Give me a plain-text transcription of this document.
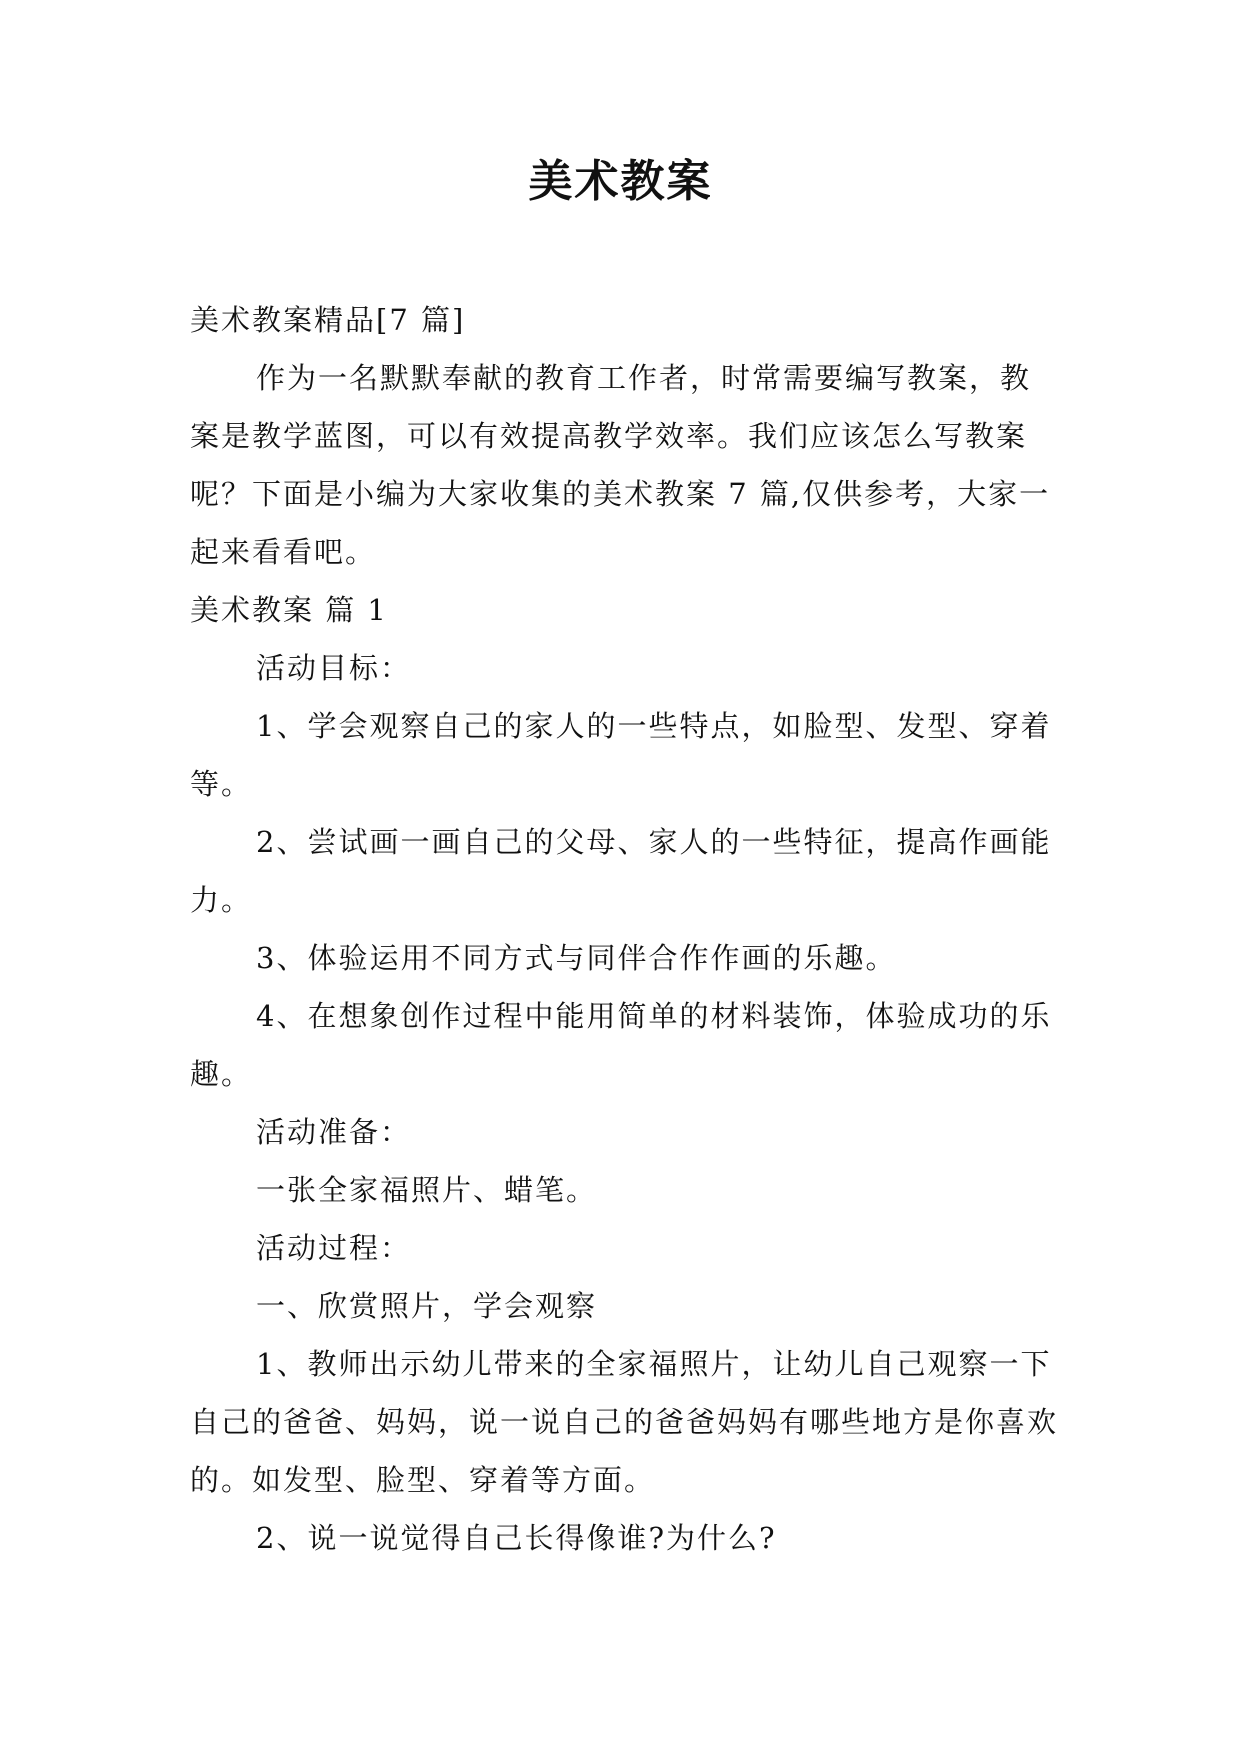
美术教案

美术教案精品[7 篇]

作为一名默默奉献的教育工作者，时常需要编写教案，教案是教学蓝图，可以有效提高教学效率。我们应该怎么写教案呢？下面是小编为大家收集的美术教案 7 篇,仅供参考，大家一起来看看吧。

美术教案 篇 1

活动目标：

1、学会观察自己的家人的一些特点，如脸型、发型、穿着等。

2、尝试画一画自己的父母、家人的一些特征，提高作画能力。

3、体验运用不同方式与同伴合作作画的乐趣。

4、在想象创作过程中能用简单的材料装饰，体验成功的乐趣。

活动准备：

一张全家福照片、蜡笔。

活动过程：

一、欣赏照片，学会观察

1、教师出示幼儿带来的全家福照片，让幼儿自己观察一下自己的爸爸、妈妈，说一说自己的爸爸妈妈有哪些地方是你喜欢的。如发型、脸型、穿着等方面。

2、说一说觉得自己长得像谁?为什么?
